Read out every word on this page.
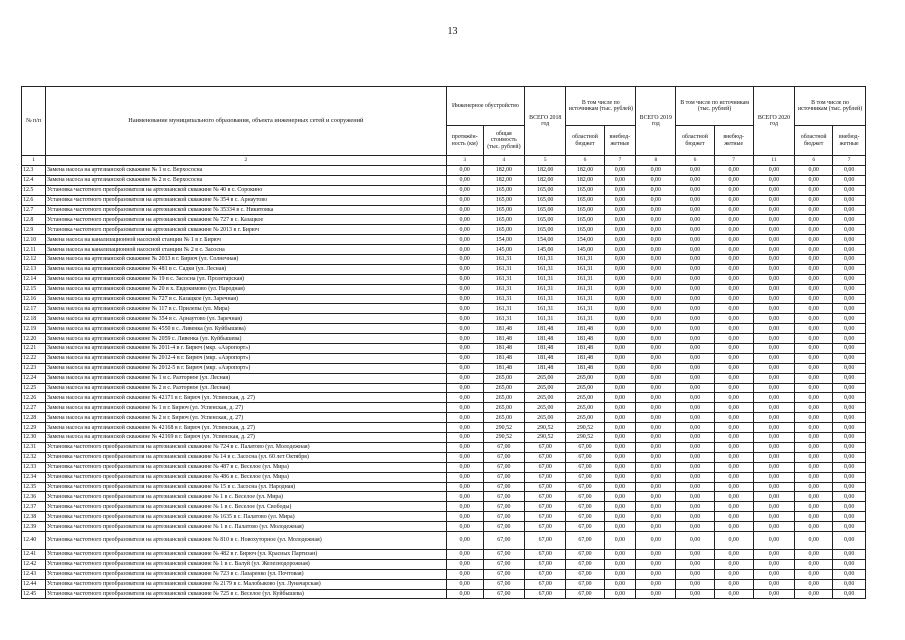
13
№ п/п	Наименование муниципального образования, объекта инженерных сетей и сооружений	Инженерное обустройство		ВСЕГО 2018 год	В том числе по источникам (тыс. рублей)		ВСЕГО 2019 год	В том числе по источникам (тыс. рублей)		ВСЕГО 2020 год	В том числе по источникам (тыс. рублей)	
		протяжён-ность (км)	общая стоимость (тыс. рублей)		областной бюджет	внебюд-жетные		областной бюджет	внебюд-жетные		областной бюджет	внебюд-жетные
1	2	3	4	5	6	7	8	6	7	11	6	7
12.3	Замена насоса на артезианской скважине № 1 в с. Верхососна	0,00	182,00	182,00	182,00	0,00	0,00	0,00	0,00	0,00	0,00	0,00
12.4	Замена насоса на артезианской скважине № 2 в с. Верхососна	0,00	182,00	182,00	182,00	0,00	0,00	0,00	0,00	0,00	0,00	0,00
12.5	Установка частотного преобразователя на артезианской скважине № 40 в с. Сорокино	0,00	165,00	165,00	165,00	0,00	0,00	0,00	0,00	0,00	0,00	0,00
12.6	Установка частотного преобразователя на артезианской скважине № 354 в с. Арнаутово	0,00	165,00	165,00	165,00	0,00	0,00	0,00	0,00	0,00	0,00	0,00
12.7	Установка частотного преобразователя на артезианской скважине № 35334 в с. Никитовка	0,00	165,00	165,00	165,00	0,00	0,00	0,00	0,00	0,00	0,00	0,00
12.8	Установка частотного преобразователя на артезианской скважине № 727 в с. Казацкое	0,00	165,00	165,00	165,00	0,00	0,00	0,00	0,00	0,00	0,00	0,00
12.9	Установка частотного преобразователя на артезианской скважине № 2013 в г. Бирюч	0,00	165,00	165,00	165,00	0,00	0,00	0,00	0,00	0,00	0,00	0,00
12.10	Замена насоса на канализационной насосной станции № 1 в г. Бирюч	0,00	154,00	154,00	154,00	0,00	0,00	0,00	0,00	0,00	0,00	0,00
12.11	Замена насоса на канализационной насосной станции № 2 в с. Засосна	0,00	145,00	145,00	145,00	0,00	0,00	0,00	0,00	0,00	0,00	0,00
12.12	Замена насоса на артезианской скважине № 2013 в г. Бирюч (ул. Солнечная)	0,00	161,31	161,31	161,31	0,00	0,00	0,00	0,00	0,00	0,00	0,00
12.13	Замена насоса на артезианской скважине № 481 в с. Садки (ул. Лесная)	0,00	161,31	161,31	161,31	0,00	0,00	0,00	0,00	0,00	0,00	0,00
12.14	Замена насоса на артезианской скважине № 19 в с. Засосна (ул. Пролетарская)	0,00	161,31	161,31	161,31	0,00	0,00	0,00	0,00	0,00	0,00	0,00
12.15	Замена насоса на артезианской скважине № 20 в х. Евдокимово (ул. Народная)	0,00	161,31	161,31	161,31	0,00	0,00	0,00	0,00	0,00	0,00	0,00
12.16	Замена насоса на артезианской скважине № 727 в с. Казацкое (ул. Заречная)	0,00	161,31	161,31	161,31	0,00	0,00	0,00	0,00	0,00	0,00	0,00
12.17	Замена насоса на артезианской скважине № 117 в с. Прилепы (ул. Мира)	0,00	161,31	161,31	161,31	0,00	0,00	0,00	0,00	0,00	0,00	0,00
12.18	Замена насоса на артезианской скважине № 354 в с. Арнаутово (ул. Заречная)	0,00	161,31	161,31	161,31	0,00	0,00	0,00	0,00	0,00	0,00	0,00
12.19	Замена насоса на артезианской скважине № 4550 в с. Ливенка (ул. Куйбышева)	0,00	181,48	181,48	181,48	0,00	0,00	0,00	0,00	0,00	0,00	0,00
12.20	Замена насоса на артезианской скважине № 2059 с. Ливенка (ул. Куйбышева)	0,00	181,48	181,48	181,48	0,00	0,00	0,00	0,00	0,00	0,00	0,00
12.21	Замена насоса на артезианской скважине № 2011-4 в г. Бирюч (мкр. «Аэропорт»)	0,00	181,48	181,48	181,48	0,00	0,00	0,00	0,00	0,00	0,00	0,00
12.22	Замена насоса на артезианской скважине № 2012-4 в г. Бирюч (мкр. «Аэропорт»)	0,00	181,48	181,48	181,48	0,00	0,00	0,00	0,00	0,00	0,00	0,00
12.23	Замена насоса на артезианской скважине № 2012-5 в г. Бирюч (мкр. «Аэропорт»)	0,00	181,48	181,48	181,48	0,00	0,00	0,00	0,00	0,00	0,00	0,00
12.24	Замена насоса на артезианской скважине № 1 в с. Разторное (ул. Лесная)	0,00	265,00	265,00	265,00	0,00	0,00	0,00	0,00	0,00	0,00	0,00
12.25	Замена насоса на артезианской скважине № 2 в с. Разторное (ул. Лесная)	0,00	265,00	265,00	265,00	0,00	0,00	0,00	0,00	0,00	0,00	0,00
12.26	Замена насоса на артезианской скважине № 42171 в г. Бирюч (ул. Успенская, д. 27)	0,00	265,00	265,00	265,00	0,00	0,00	0,00	0,00	0,00	0,00	0,00
12.27	Замена насоса на артезианской скважине № 1 в г. Бирюч (ул. Успенская, д. 27)	0,00	265,00	265,00	265,00	0,00	0,00	0,00	0,00	0,00	0,00	0,00
12.28	Замена насоса на артезианской скважине № 2 в г. Бирюч (ул. Успенская, д. 27)	0,00	265,00	265,00	265,00	0,00	0,00	0,00	0,00	0,00	0,00	0,00
12.29	Замена насоса на артезианской скважине № 42168 в г. Бирюч (ул. Успенская, д. 27)	0,00	290,52	290,52	290,52	0,00	0,00	0,00	0,00	0,00	0,00	0,00
12.30	Замена насоса на артезианской скважине № 42169 в г. Бирюч (ул. Успенская, д. 27)	0,00	290,52	290,52	290,52	0,00	0,00	0,00	0,00	0,00	0,00	0,00
12.31	Установка частотного преобразователя на артезианской скважине № 724 в с. Палатово (ул. Молодежная)	0,00	67,00	67,00	67,00	0,00	0,00	0,00	0,00	0,00	0,00	0,00
12.32	Установка частотного преобразователя на артезианской скважине № 14 в с. Засосна (ул. 60 лет Октября)	0,00	67,00	67,00	67,00	0,00	0,00	0,00	0,00	0,00	0,00	0,00
12.33	Установка частотного преобразователя на артезианской скважине № 487 в с. Веселое (ул. Мира)	0,00	67,00	67,00	67,00	0,00	0,00	0,00	0,00	0,00	0,00	0,00
12.34	Установка частотного преобразователя на артезианской скважине № 486 в с. Веселое (ул. Мира)	0,00	67,00	67,00	67,00	0,00	0,00	0,00	0,00	0,00	0,00	0,00
12.35	Установка частотного преобразователя на артезианской скважине № 15 в с. Засосна (ул. Народная)	0,00	67,00	67,00	67,00	0,00	0,00	0,00	0,00	0,00	0,00	0,00
12.36	Установка частотного преобразователя на артезианской скважине № 1 в с. Веселое (ул. Мира)	0,00	67,00	67,00	67,00	0,00	0,00	0,00	0,00	0,00	0,00	0,00
12.37	Установка частотного преобразователя на артезианской скважине № 1 в с. Веселое (ул. Свободы)	0,00	67,00	67,00	67,00	0,00	0,00	0,00	0,00	0,00	0,00	0,00
12.38	Установка частотного преобразователя на артезианской скважине № 1635 в с. Палатово (ул. Мира)	0,00	67,00	67,00	67,00	0,00	0,00	0,00	0,00	0,00	0,00	0,00
12.39	Установка частотного преобразователя на артезианской скважине № 1 в с. Палатово (ул. Молодежная)	0,00	67,00	67,00	67,00	0,00	0,00	0,00	0,00	0,00	0,00	0,00
12.40	Установка частотного преобразователя на артезианской скважине № 810 в с. Новохуторное (ул. Молодежная)	0,00	67,00	67,00	67,00	0,00	0,00	0,00	0,00	0,00	0,00	0,00
12.41	Установка частотного преобразователя на артезианской скважине № 482 в г. Бирюч (ул. Красных Партизан)	0,00	67,00	67,00	67,00	0,00	0,00	0,00	0,00	0,00	0,00	0,00
12.42	Установка частотного преобразователя на артезианской скважине № 1 в с. Валуй (ул. Железнодорожная)	0,00	67,00	67,00	67,00	0,00	0,00	0,00	0,00	0,00	0,00	0,00
12.43	Установка частотного преобразователя на артезианской скважине № 723 в с. Лазаренко (ул. Почтовая)	0,00	67,00	67,00	67,00	0,00	0,00	0,00	0,00	0,00	0,00	0,00
12.44	Установка частотного преобразователя на артезианской скважине № 2179 в с. Малобыково (ул. Луначарская)	0,00	67,00	67,00	67,00	0,00	0,00	0,00	0,00	0,00	0,00	0,00
12.45	Установка частотного преобразователя на артезианской скважине № 725 в с. Веселое (ул. Куйбышева)	0,00	67,00	67,00	67,00	0,00	0,00	0,00	0,00	0,00	0,00	0,00
